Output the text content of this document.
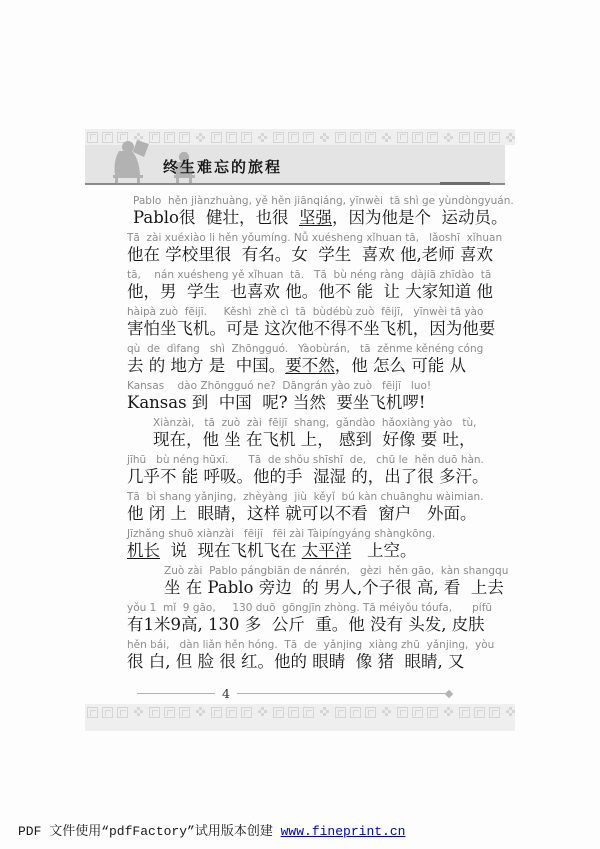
终生难忘的旅程
Pablo  hěn jiànzhuàng, yě hěn jiānqiáng, yīnwèi  tā shì ge yùndòngyuán.
Pablo很  健壮，也很  坚强，因为他是个  运动员。
Tā  zài xuéxiào li hěn yǒumíng. Nǚ xuésheng xǐhuan tā,   lǎoshī  xǐhuan
他在 学校里很  有名。女  学生  喜欢 他,老师 喜欢
tā,    nán xuésheng yě xǐhuan  tā.   Tā  bù néng ràng  dàjiā zhīdào  tā
他，男  学生  也喜欢 他。他不 能  让 大家知道 他
hàipà zuò  fēijī.     Kěshì  zhè cì  tā  bùdébù zuò  fēijī,   yīnwèi tā yào
害怕坐飞机。可是 这次他不得不坐飞机，因为他要
qù  de  dìfang   shì  Zhōngguó.   Yàobùrán,   tā  zěnme kěnéng cóng
去 的 地方 是  中国。要不然，他 怎么 可能 从
Kansas    dào Zhōngguó ne?  Dāngrán yào zuò   fēijī   luo!
Kansas 到  中国  呢? 当然  要坐飞机啰!
Xiànzài,   tā  zuò  zài  fēijī  shang,  gǎndào  hǎoxiàng yào   tù,
现在，他 坐 在飞机 上， 感到  好像 要 吐，
jīhū   bù néng hūxī.      Tā  de shǒu shīshī  de,   chū le  hěn duō hàn.
几乎不 能 呼吸。他的手  湿湿 的，出了很 多汗。
Tā  bì shang yǎnjing,  zhèyàng  jiù  kěyǐ  bú kàn chuānghu wàimian.
他 闭 上  眼睛，这样 就可以不看  窗户   外面。
Jīzhǎng shuō xiànzài   fēijī   fēi zài Tàipíngyáng shàngkōng.
机长  说  现在飞机飞在 太平洋   上空。
Zuò zài  Pablo pángbiān de nánrén,   gèzi  hěn gāo,  kàn shangqu
坐 在 Pablo 旁边  的 男人,个子很 高, 看  上去
yǒu 1  mǐ  9 gāo,     130 duō  gōngjīn zhòng. Tā méiyǒu tóufa,      pífū
有1米9高, 130 多  公斤  重。他 没有 头发, 皮肤
hěn bái,   dàn liǎn hěn hóng.  Tā  de  yǎnjing  xiàng zhū  yǎnjing,  yòu
很 白, 但 脸 很 红。他的 眼睛  像 猪  眼睛, 又
4
PDF 文件使用“pdfFactory”试用版本创建 www.fineprint.cn
